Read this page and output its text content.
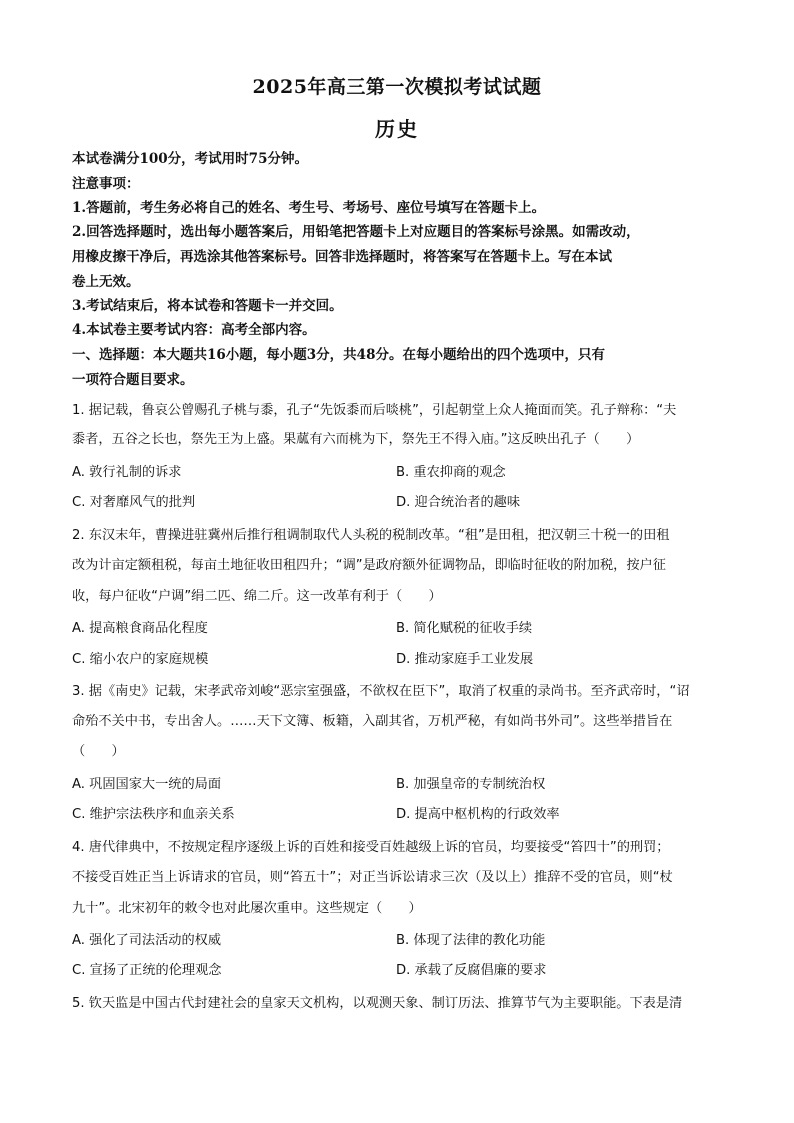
2025年高三第一次模拟考试试题
历史
本试卷满分100分，考试用时75分钟。
注意事项：
1.答题前，考生务必将自己的姓名、考生号、考场号、座位号填写在答题卡上。
2.回答选择题时，选出每小题答案后，用铅笔把答题卡上对应题目的答案标号涂黑。如需改动，
用橡皮擦干净后，再选涂其他答案标号。回答非选择题时，将答案写在答题卡上。写在本试
卷上无效。
3.考试结束后，将本试卷和答题卡一并交回。
4.本试卷主要考试内容：高考全部内容。
一、选择题：本大题共16小题，每小题3分，共48分。在每小题给出的四个选项中，只有
一项符合题目要求。
1. 据记载，鲁哀公曾赐孔子桃与黍，孔子“先饭黍而后啖桃”，引起朝堂上众人掩面而笑。孔子辩称：“夫
黍者，五谷之长也，祭先王为上盛。果蓏有六而桃为下，祭先王不得入庙。”这反映出孔子（　　）
A. 敦行礼制的诉求	B. 重农抑商的观念
C. 对奢靡风气的批判	D. 迎合统治者的趣味
2. 东汉末年，曹操进驻冀州后推行租调制取代人头税的税制改革。“租”是田租，把汉朝三十税一的田租
改为计亩定额租税，每亩土地征收田租四升；“调”是政府额外征调物品，即临时征收的附加税，按户征
收，每户征收“户调”绢二匹、绵二斤。这一改革有利于（　　）
A. 提高粮食商品化程度	B. 简化赋税的征收手续
C. 缩小农户的家庭规模	D. 推动家庭手工业发展
3. 据《南史》记载，宋孝武帝刘峻“恶宗室强盛，不欲权在臣下”，取消了权重的录尚书。至齐武帝时，“诏
命殆不关中书，专出舍人。……天下文簿、板籍，入副其省，万机严秘，有如尚书外司”。这些举措旨在
（　　）
A. 巩固国家大一统的局面	B. 加强皇帝的专制统治权
C. 维护宗法秩序和血亲关系	D. 提高中枢机构的行政效率
4. 唐代律典中，不按规定程序逐级上诉的百姓和接受百姓越级上诉的官员，均要接受“笞四十”的刑罚；
不接受百姓正当上诉请求的官员，则“笞五十”；对正当诉讼请求三次（及以上）推辞不受的官员，则“杖
九十”。北宋初年的敕令也对此屡次重申。这些规定（　　）
A. 强化了司法活动的权威	B. 体现了法律的教化功能
C. 宣扬了正统的伦理观念	D. 承载了反腐倡廉的要求
5. 钦天监是中国古代封建社会的皇家天文机构，以观测天象、制订历法、推算节气为主要职能。下表是清
